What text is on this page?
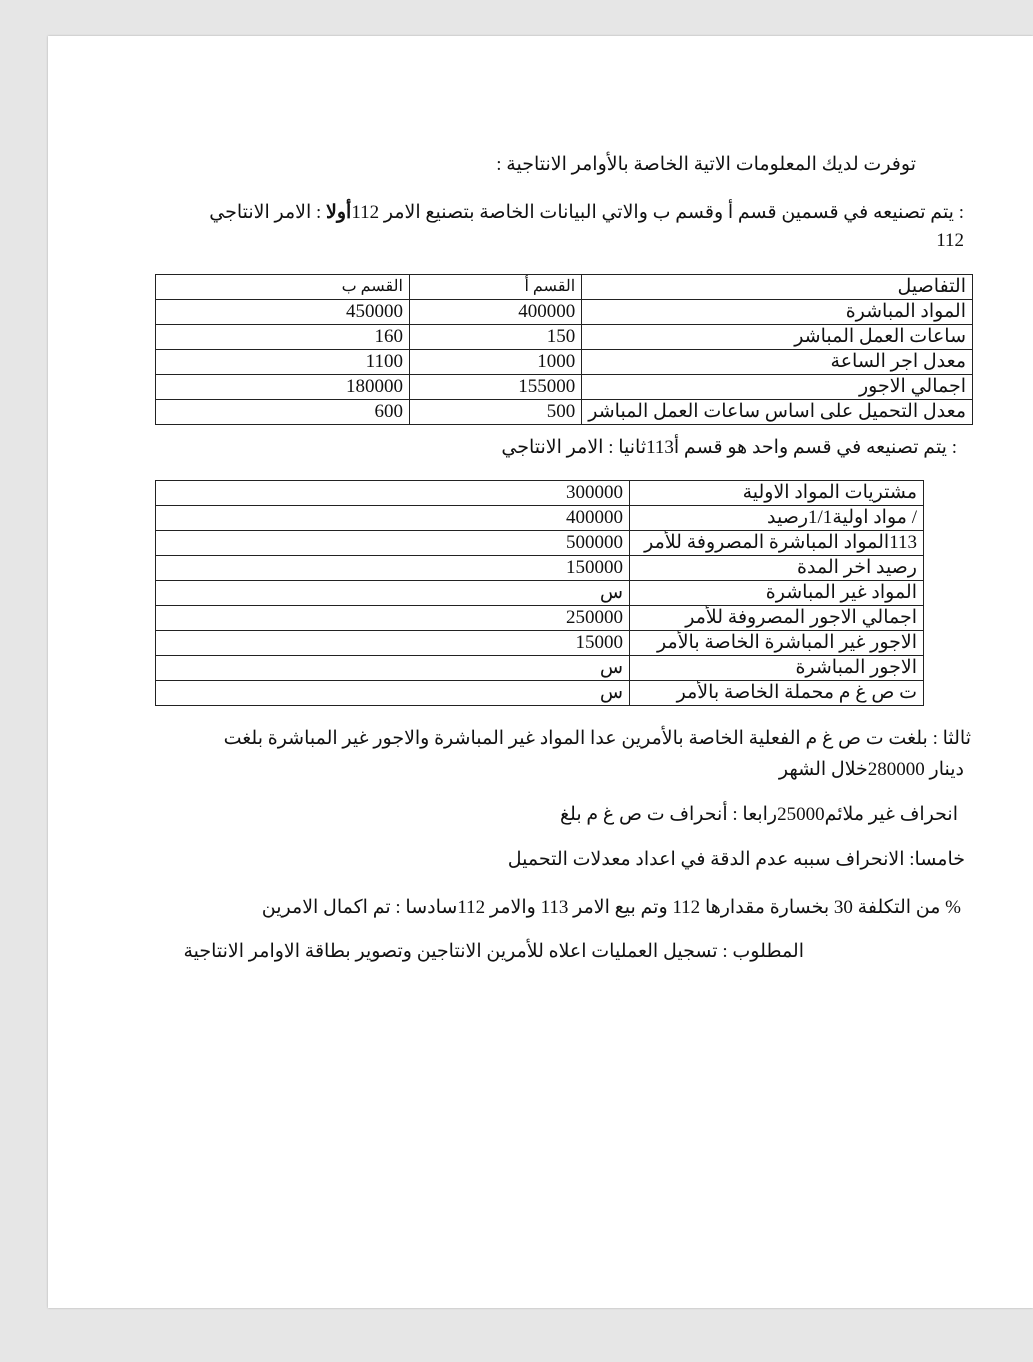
توفرت لديك المعلومات الاتية الخاصة بالأوامر الانتاجية :
: يتم تصنيعه في قسمين قسم أ وقسم ب والاتي البيانات الخاصة بتصنيع الامر 112أولا : الامر الانتاجي
112
القسم ب	القسم أ	التفاصيل
450000	400000	المواد المباشرة
160	150	ساعات العمل المباشر
1100	1000	معدل اجر الساعة
180000	155000	اجمالي الاجور
600	500	معدل التحميل على اساس ساعات العمل المباشر
: يتم تصنيعه في قسم واحد هو قسم أ113ثانيا : الامر الانتاجي
300000	مشتريات المواد الاولية
400000	/ مواد اولية1/1رصيد
500000	113المواد المباشرة المصروفة للأمر
150000	رصيد اخر المدة
س	المواد غير المباشرة
250000	اجمالي الاجور المصروفة للأمر
15000	الاجور غير المباشرة الخاصة بالأمر
س	الاجور المباشرة
س	ت ص غ م محملة الخاصة بالأمر
ثالثا : بلغت ت ص غ م الفعلية الخاصة بالأمرين عدا المواد غير المباشرة والاجور غير المباشرة بلغت
دينار 280000خلال الشهر
انحراف غير ملائم25000رابعا : أنحراف ت ص غ م بلغ
خامسا: الانحراف سببه عدم الدقة في اعداد معدلات التحميل
% من التكلفة 30 بخسارة مقدارها 112 وتم بيع الامر 113 والامر 112سادسا : تم اكمال الامرين
المطلوب : تسجيل العمليات اعلاه للأمرين الانتاجين وتصوير بطاقة الاوامر الانتاجية
